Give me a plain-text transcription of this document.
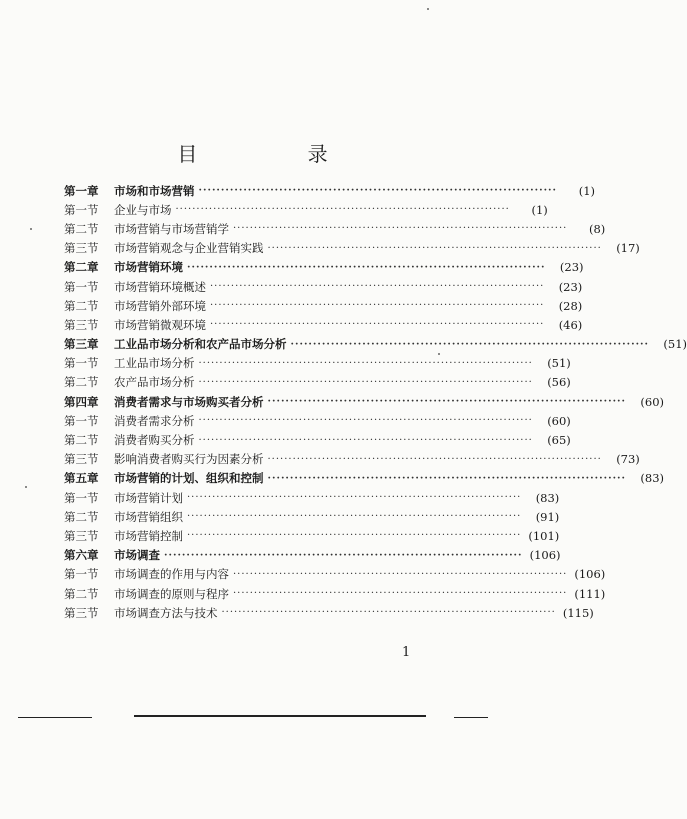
目 录
第一章	市场和市场营销 ················································································	(1)
第一节	企业与市场 ················································································	(1)
第二节	市场营销与市场营销学 ················································································	(8)
第三节	市场营销观念与企业营销实践 ················································································	(17)
第二章	市场营销环境 ················································································	(23)
第一节	市场营销环境概述 ················································································	(23)
第二节	市场营销外部环境 ················································································	(28)
第三节	市场营销微观环境 ················································································	(46)
第三章	工业品市场分析和农产品市场分析 ················································································	(51)
第一节	工业品市场分析 ················································································	(51)
第二节	农产品市场分析 ················································································	(56)
第四章	消费者需求与市场购买者分析 ················································································	(60)
第一节	消费者需求分析 ················································································	(60)
第二节	消费者购买分析 ················································································	(65)
第三节	影响消费者购买行为因素分析 ················································································	(73)
第五章	市场营销的计划、组织和控制 ················································································	(83)
第一节	市场营销计划 ················································································	(83)
第二节	市场营销组织 ················································································	(91)
第三节	市场营销控制 ················································································ (101)
第六章	市场调查 ················································································ (106)
第一节	市场调查的作用与内容 ················································································ (106)
第二节	市场调查的原则与程序 ················································································ (111)
第三节	市场调查方法与技术 ················································································ (115)
1
